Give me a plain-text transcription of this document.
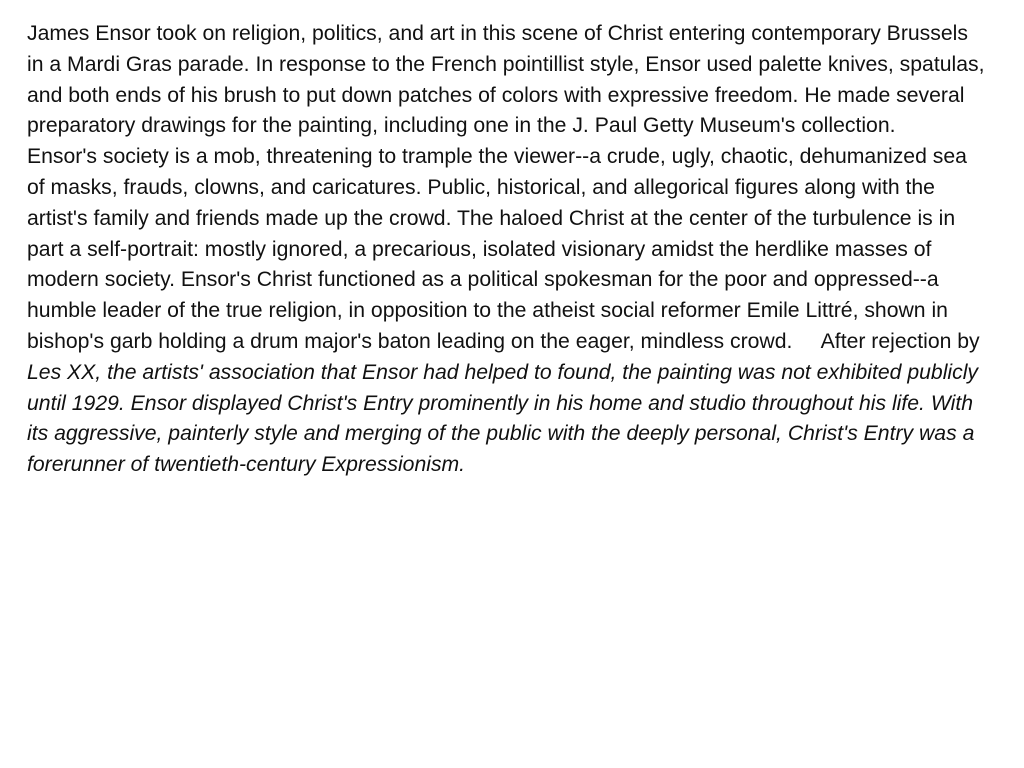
James Ensor took on religion, politics, and art in this scene of Christ entering contemporary Brussels in a Mardi Gras parade. In response to the French pointillist style, Ensor used palette knives, spatulas, and both ends of his brush to put down patches of colors with expressive freedom. He made several preparatory drawings for the painting, including one in the J. Paul Getty Museum's collection.     Ensor's society is a mob, threatening to trample the viewer--a crude, ugly, chaotic, dehumanized sea of masks, frauds, clowns, and caricatures. Public, historical, and allegorical figures along with the artist's family and friends made up the crowd. The haloed Christ at the center of the turbulence is in part a self-portrait: mostly ignored, a precarious, isolated visionary amidst the herdlike masses of modern society. Ensor's Christ functioned as a political spokesman for the poor and oppressed--a humble leader of the true religion, in opposition to the atheist social reformer Emile Littré, shown in bishop's garb holding a drum major's baton leading on the eager, mindless crowd.     After rejection by Les XX, the artists' association that Ensor had helped to found, the painting was not exhibited publicly until 1929. Ensor displayed Christ's Entry prominently in his home and studio throughout his life. With its aggressive, painterly style and merging of the public with the deeply personal, Christ's Entry was a forerunner of twentieth-century Expressionism.
